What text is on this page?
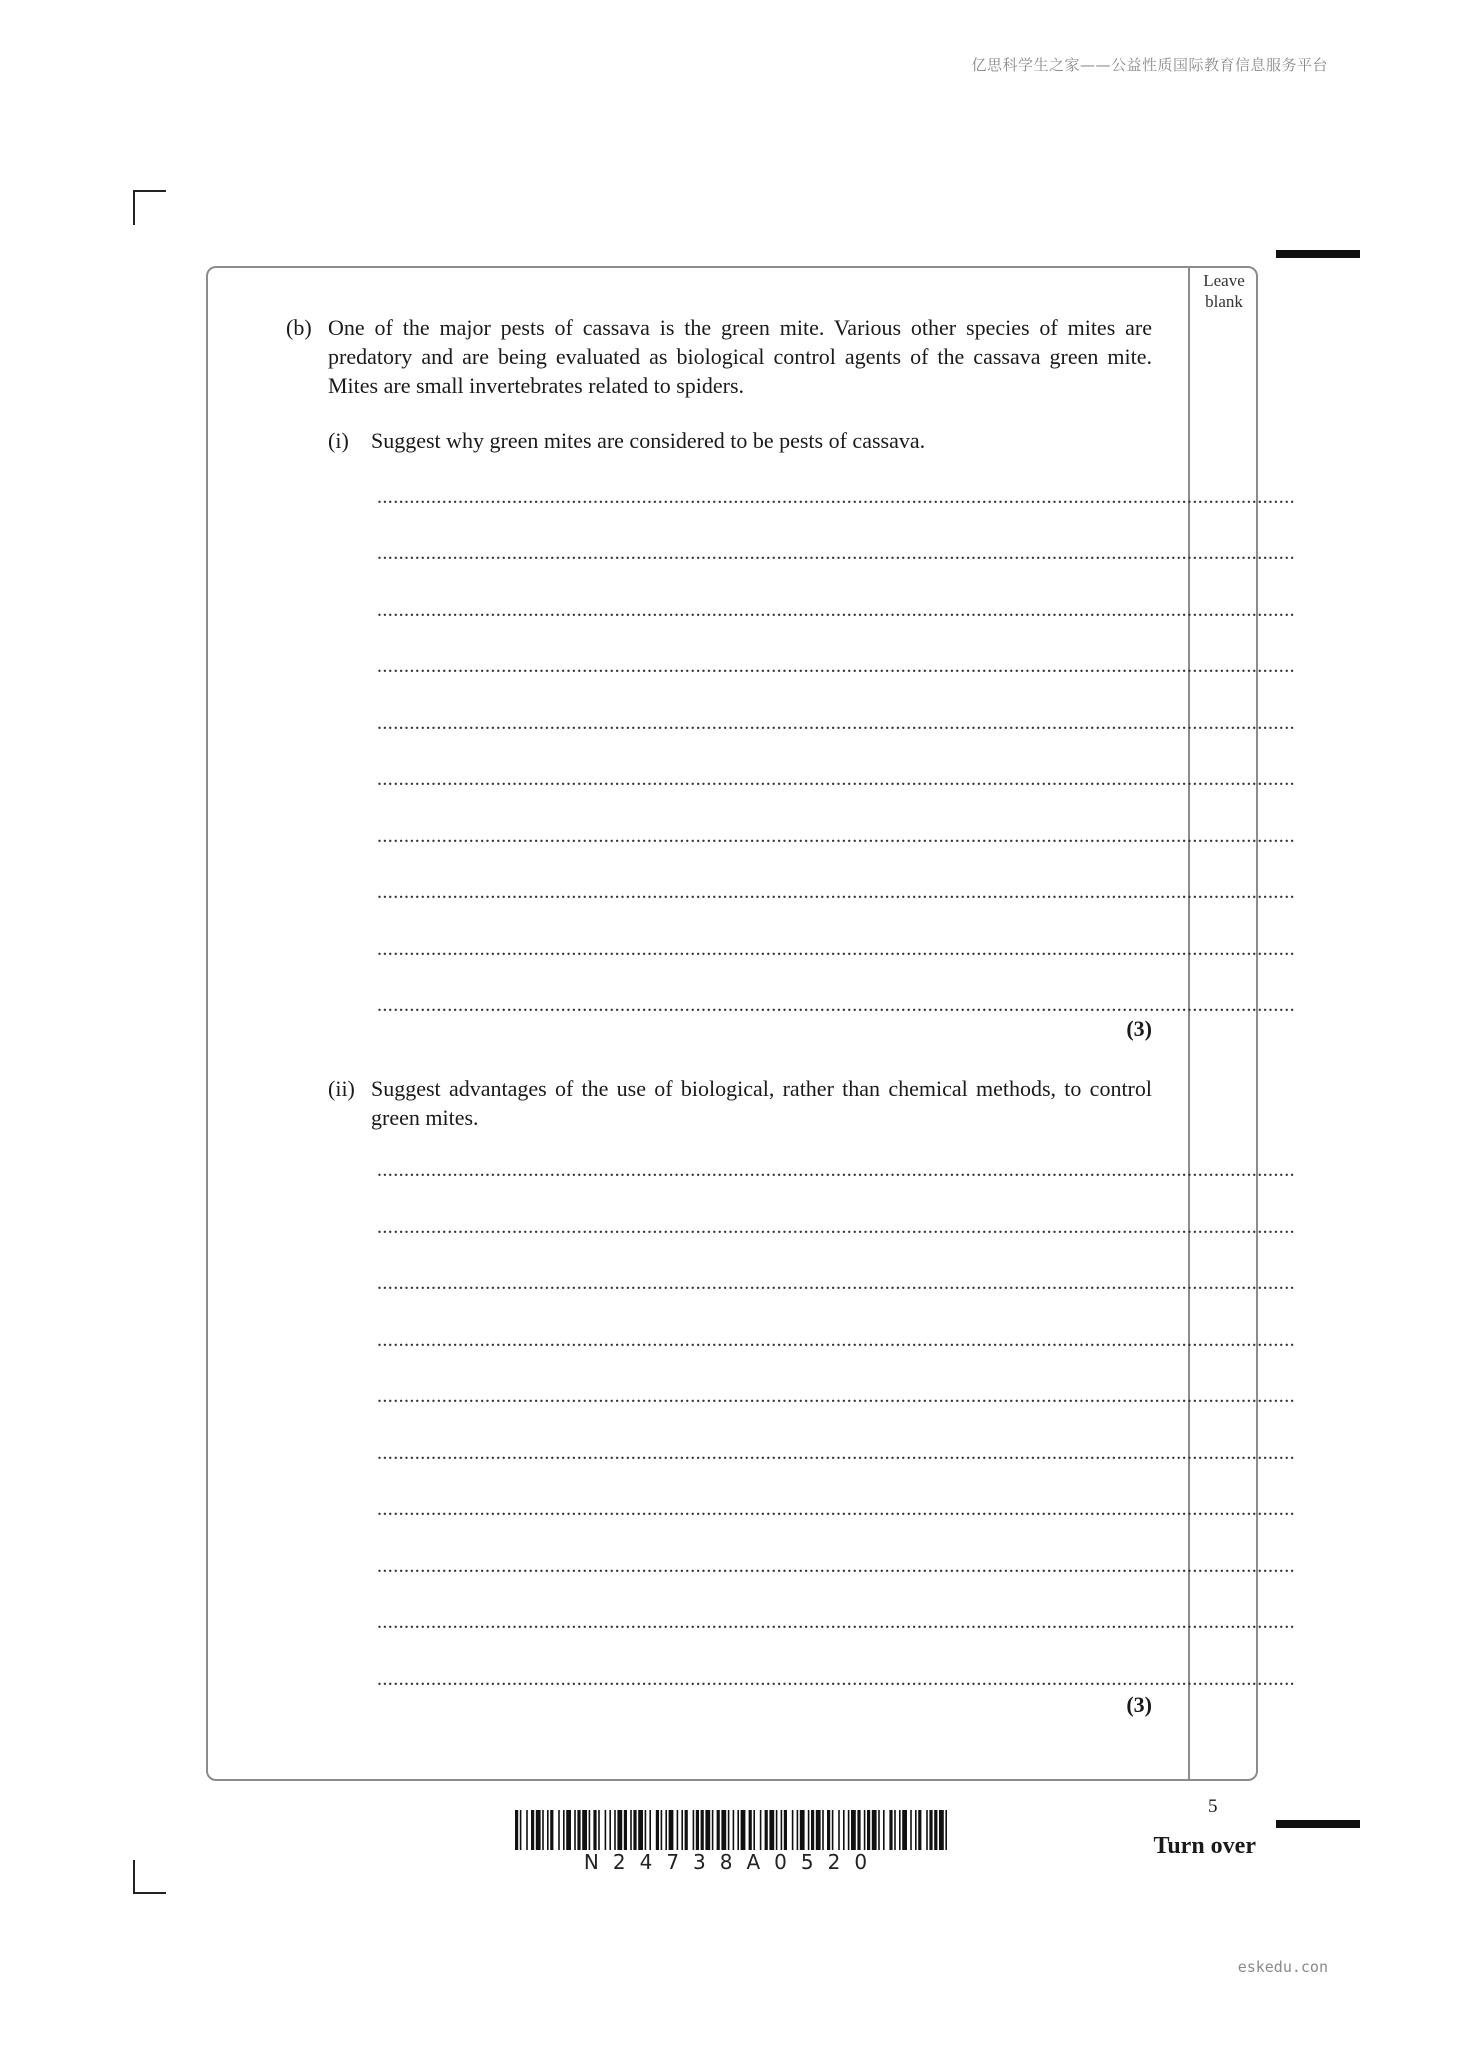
亿思科学生之家——公益性质国际教育信息服务平台
Leave blank
(b) One of the major pests of cassava is the green mite. Various other species of mites are predatory and are being evaluated as biological control agents of the cassava green mite. Mites are small invertebrates related to spiders.
(i) Suggest why green mites are considered to be pests of cassava.
..........................................................................................................................................................................
..........................................................................................................................................................................
..........................................................................................................................................................................
..........................................................................................................................................................................
..........................................................................................................................................................................
..........................................................................................................................................................................
..........................................................................................................................................................................
..........................................................................................................................................................................
..........................................................................................................................................................................
..........................................................................................................................................................................
(3)
(ii) Suggest advantages of the use of biological, rather than chemical methods, to control green mites.
..........................................................................................................................................................................
..........................................................................................................................................................................
..........................................................................................................................................................................
..........................................................................................................................................................................
..........................................................................................................................................................................
..........................................................................................................................................................................
..........................................................................................................................................................................
..........................................................................................................................................................................
..........................................................................................................................................................................
..........................................................................................................................................................................
(3)
5
N24738A0520
Turn over
eskedu.con
